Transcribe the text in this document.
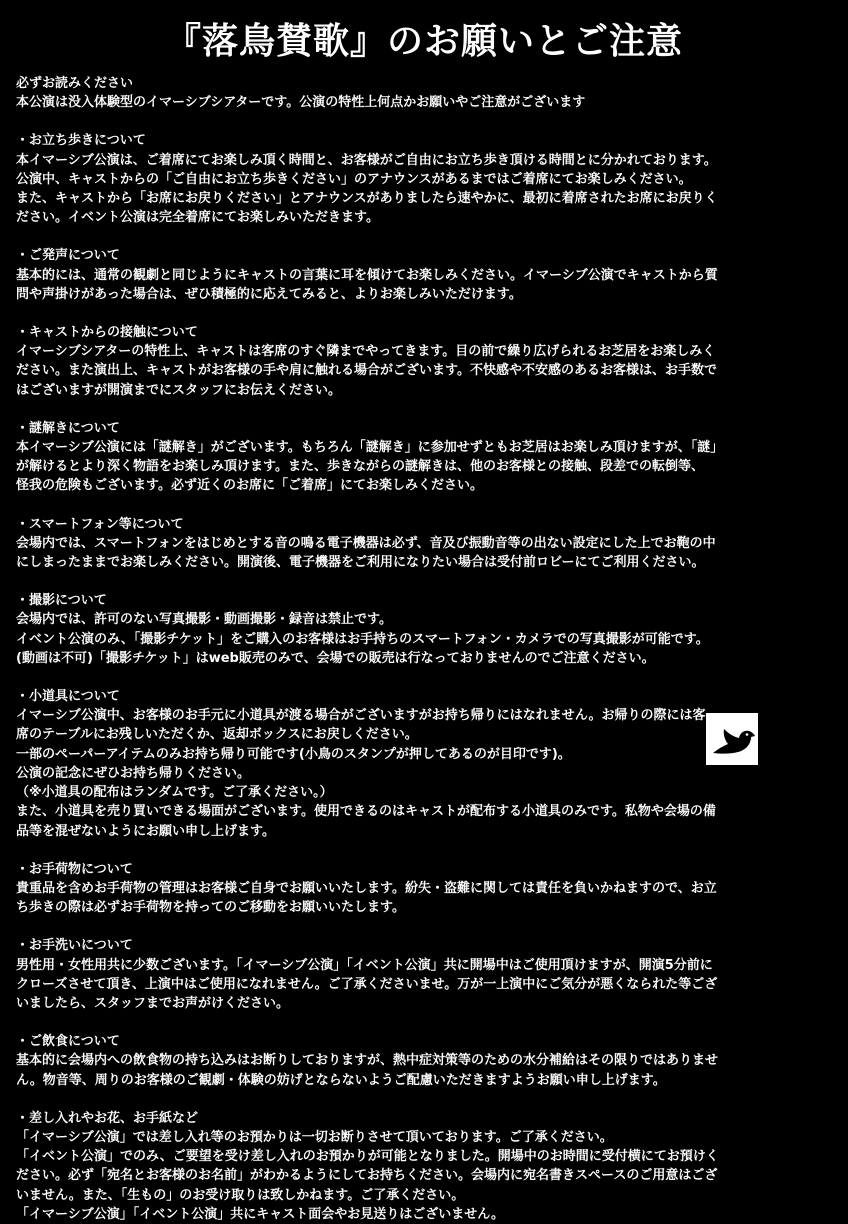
『落鳥賛歌』のお願いとご注意
必ずお読みください
本公演は没入体験型のイマーシブシアターです。公演の特性上何点かお願いやご注意がございます
・お立ち歩きについて
本イマーシブ公演は、ご着席にてお楽しみ頂く時間と、お客様がご自由にお立ち歩き頂ける時間とに分かれております。
公演中、キャストからの「ご自由にお立ち歩きください」のアナウンスがあるまではご着席にてお楽しみください。
また、キャストから「お席にお戻りください」とアナウンスがありましたら速やかに、最初に着席されたお席にお戻りく
ださい。イベント公演は完全着席にてお楽しみいただきます。
・ご発声について
基本的には、通常の観劇と同じようにキャストの言葉に耳を傾けてお楽しみください。イマーシブ公演でキャストから質
問や声掛けがあった場合は、ぜひ積極的に応えてみると、よりお楽しみいただけます。
・キャストからの接触について
イマーシブシアターの特性上、キャストは客席のすぐ隣までやってきます。目の前で繰り広げられるお芝居をお楽しみく
ださい。また演出上、キャストがお客様の手や肩に触れる場合がございます。不快感や不安感のあるお客様は、お手数で
はございますが開演までにスタッフにお伝えください。
・謎解きについて
本イマーシブ公演には「謎解き」がございます。もちろん「謎解き」に参加せずともお芝居はお楽しみ頂けますが、「謎」
が解けるとより深く物語をお楽しみ頂けます。また、歩きながらの謎解きは、他のお客様との接触、段差での転倒等、
怪我の危険もございます。必ず近くのお席に「ご着席」にてお楽しみください。
・スマートフォン等について
会場内では、スマートフォンをはじめとする音の鳴る電子機器は必ず、音及び振動音等の出ない設定にした上でお鞄の中
にしまったままでお楽しみください。開演後、電子機器をご利用になりたい場合は受付前ロビーにてご利用ください。
・撮影について
会場内では、許可のない写真撮影・動画撮影・録音は禁止です。
イベント公演のみ、「撮影チケット」をご購入のお客様はお手持ちのスマートフォン・カメラでの写真撮影が可能です。
(動画は不可)「撮影チケット」はweb販売のみで、会場での販売は行なっておりませんのでご注意ください。
・小道具について
イマーシブ公演中、お客様のお手元に小道具が渡る場合がございますがお持ち帰りにはなれません。お帰りの際には客
席のテーブルにお残しいただくか、返却ボックスにお戻しください。
一部のペーパーアイテムのみお持ち帰り可能です(小鳥のスタンプが押してあるのが目印です)。
公演の記念にぜひお持ち帰りください。
（※小道具の配布はランダムです。ご了承ください。）
また、小道具を売り買いできる場面がございます。使用できるのはキャストが配布する小道具のみです。私物や会場の備
品等を混ぜないようにお願い申し上げます。
・お手荷物について
貴重品を含めお手荷物の管理はお客様ご自身でお願いいたします。紛失・盗難に関しては責任を負いかねますので、お立
ち歩きの際は必ずお手荷物を持ってのご移動をお願いいたします。
・お手洗いについて
男性用・女性用共に少数ございます。「イマーシブ公演」「イベント公演」共に開場中はご使用頂けますが、開演5分前に
クローズさせて頂き、上演中はご使用になれません。ご了承くださいませ。万が一上演中にご気分が悪くなられた等ござ
いましたら、スタッフまでお声がけください。
・ご飲食について
基本的に会場内への飲食物の持ち込みはお断りしておりますが、熱中症対策等のための水分補給はその限りではありませ
ん。物音等、周りのお客様のご観劇・体験の妨げとならないようご配慮いただきますようお願い申し上げます。
・差し入れやお花、お手紙など
「イマーシブ公演」では差し入れ等のお預かりは一切お断りさせて頂いております。ご了承ください。
「イベント公演」でのみ、ご要望を受け差し入れのお預かりが可能となりました。開場中のお時間に受付横にてお預けく
ださい。必ず「宛名とお客様のお名前」がわかるようにしてお持ちください。会場内に宛名書きスペースのご用意はござ
いません。また、「生もの」のお受け取りは致しかねます。ご了承ください。
「イマーシブ公演」「イベント公演」共にキャスト面会やお見送りはございません。
